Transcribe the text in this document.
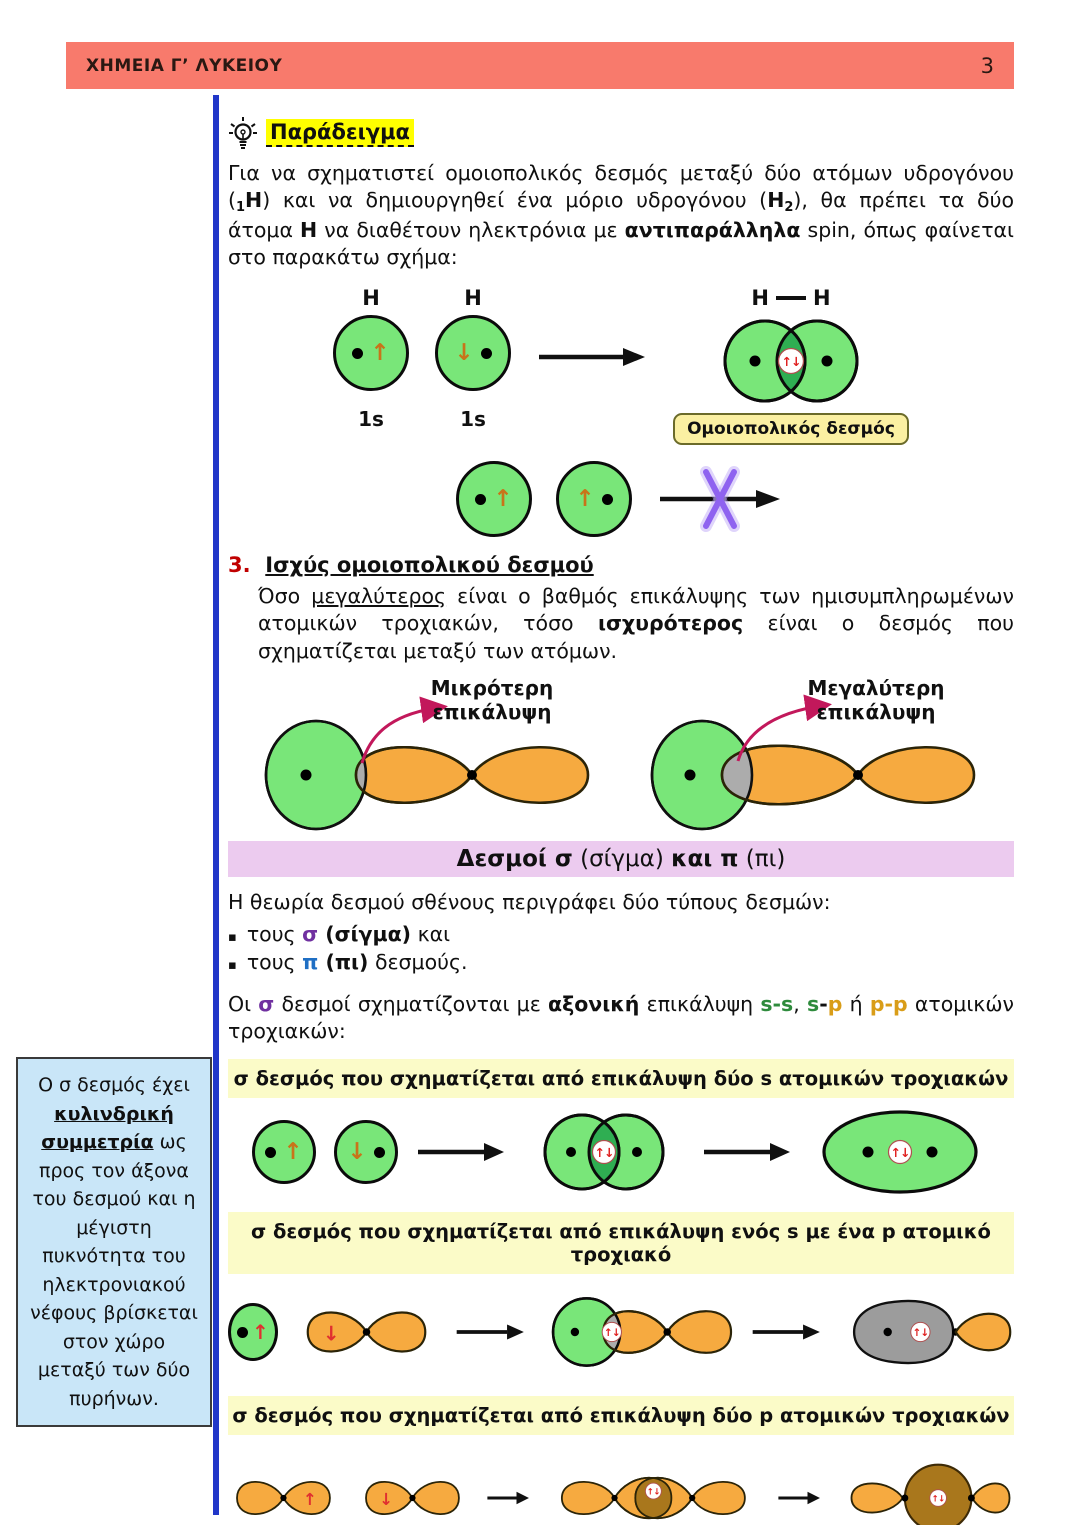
ΧΗΜΕΙΑ Γ’ ΛΥΚΕΙΟΥ	3
Ο σ δεσμός έχει κυλινδρική συμμετρία ως προς τον άξονα του δεσμού και η μέγιστη πυκνότητα του ηλεκτρονιακού νέφους βρίσκεται στον χώρο μεταξύ των δύο πυρήνων.
Παράδειγμα

Για να σχηματιστεί ομοιοπολικός δεσμός μεταξύ δύο ατόμων υδρογόνου $(_1H)$ και να δημιουργηθεί ένα μόριο υδρογόνου $(H_2)$, θα πρέπει τα δύο άτομα H να διαθέτουν ηλεκτρόνια με αντιπαράλληλα spin, όπως φαίνεται στο παρακάτω σχήμα:

H
↑
1s
H
↓
1s
H H
↑↓
Ομοιοπολικός δεσμός
↑	↑
3. Ισχύς ομοιοπολικού δεσμού

Όσο μεγαλύτερος είναι ο βαθμός επικάλυψης των ημισυμπληρωμένων ατομικών τροχιακών, τόσο ισχυρότερος είναι ο δεσμός που σχηματίζεται μεταξύ των ατόμων.

Μικρότερη
επικάλυψη
Μεγαλύτερη
επικάλυψη
Δεσμοί σ (σίγμα) και π (πι)

Η θεωρία δεσμού σθένους περιγράφει δύο τύπους δεσμών:

▪ τους σ (σίγμα) και
▪ τους π (πι) δεσμούς.

Οι σ δεσμοί σχηματίζονται με αξονική επικάλυψη s-s, s-p ή p-p ατομικών τροχιακών:

σ δεσμός που σχηματίζεται από επικάλυψη δύο s ατομικών τροχιακών
↑ ↓	↑↓	↑↓
σ δεσμός που σχηματίζεται από επικάλυψη ενός s με ένα p ατομικό τροχιακό
↑ ↓	↑↓	↑↓
σ δεσμός που σχηματίζεται από επικάλυψη δύο p ατομικών τροχιακών
↑	↓	↑↓
↑↓
